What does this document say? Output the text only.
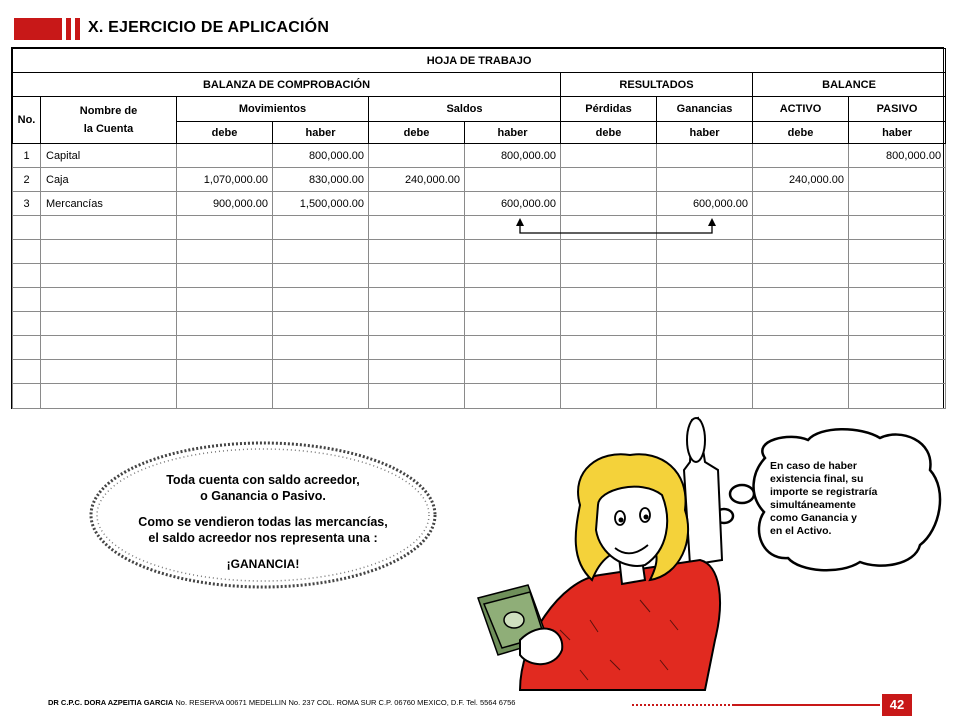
X. EJERCICIO DE APLICACIÓN
HOJA DE TRABAJO									
BALANZA DE COMPROBACIÓN						RESULTADOS		BALANCE	
No.	Nombre de
la Cuenta	Movimientos		Saldos		Pérdidas	Ganancias	ACTIVO	PASIVO
		debe	haber	debe	haber	debe	haber	debe	haber
1	Capital		800,000.00		800,000.00				800,000.00
2	Caja	1,070,000.00	830,000.00	240,000.00				240,000.00	
3	Mercancías	900,000.00	1,500,000.00		600,000.00		600,000.00		

Toda cuenta con saldo acreedor,
o Ganancia o Pasivo.
Como se vendieron todas las mercancías,
el saldo acreedor nos representa una :
¡GANANCIA!
En caso de haber
existencia final, su
importe se registraría
simultáneamente
como Ganancia y
en el Activo.
DR C.P.C. DORA AZPEITIA GARCIA No. RESERVA 00671 MEDELLIN No. 237 COL. ROMA SUR C.P. 06760 MEXICO, D.F. Tel. 5564 6756	42
